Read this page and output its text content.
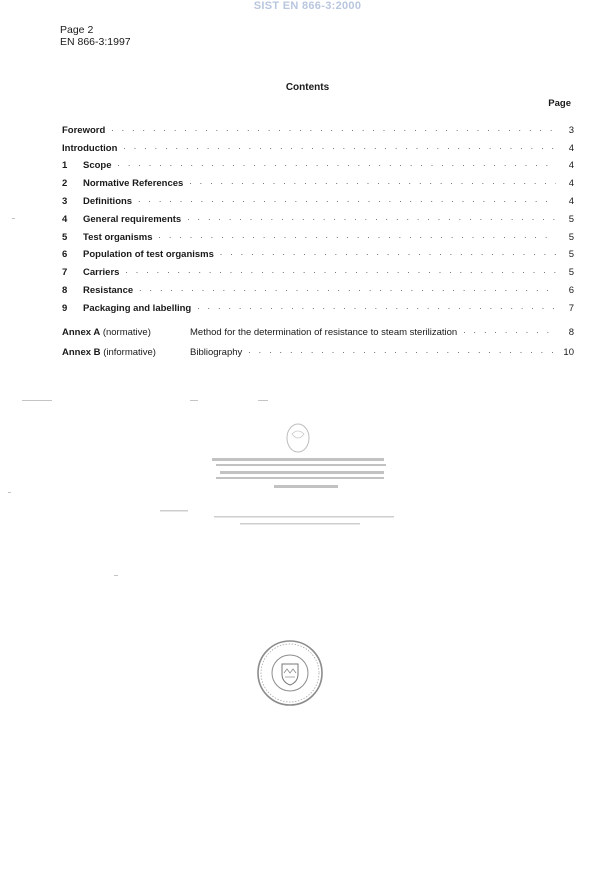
SIST EN 866-3:2000
Page 2
EN 866-3:1997
Contents
Page
Foreword . . .	3
Introduction . . .	4
1	Scope . . .	4
2	Normative References . . .	4
3	Definitions . . .	4
4	General requirements . . .	5
5	Test organisms . . .	5
6	Population of test organisms . . .	5
7	Carriers . . .	5
8	Resistance . . .	6
9	Packaging and labelling . . .	7
Annex A (normative)	Method for the determination of resistance to steam sterilization . . .	8
Annex B (informative)	Bibliography . . .	10
